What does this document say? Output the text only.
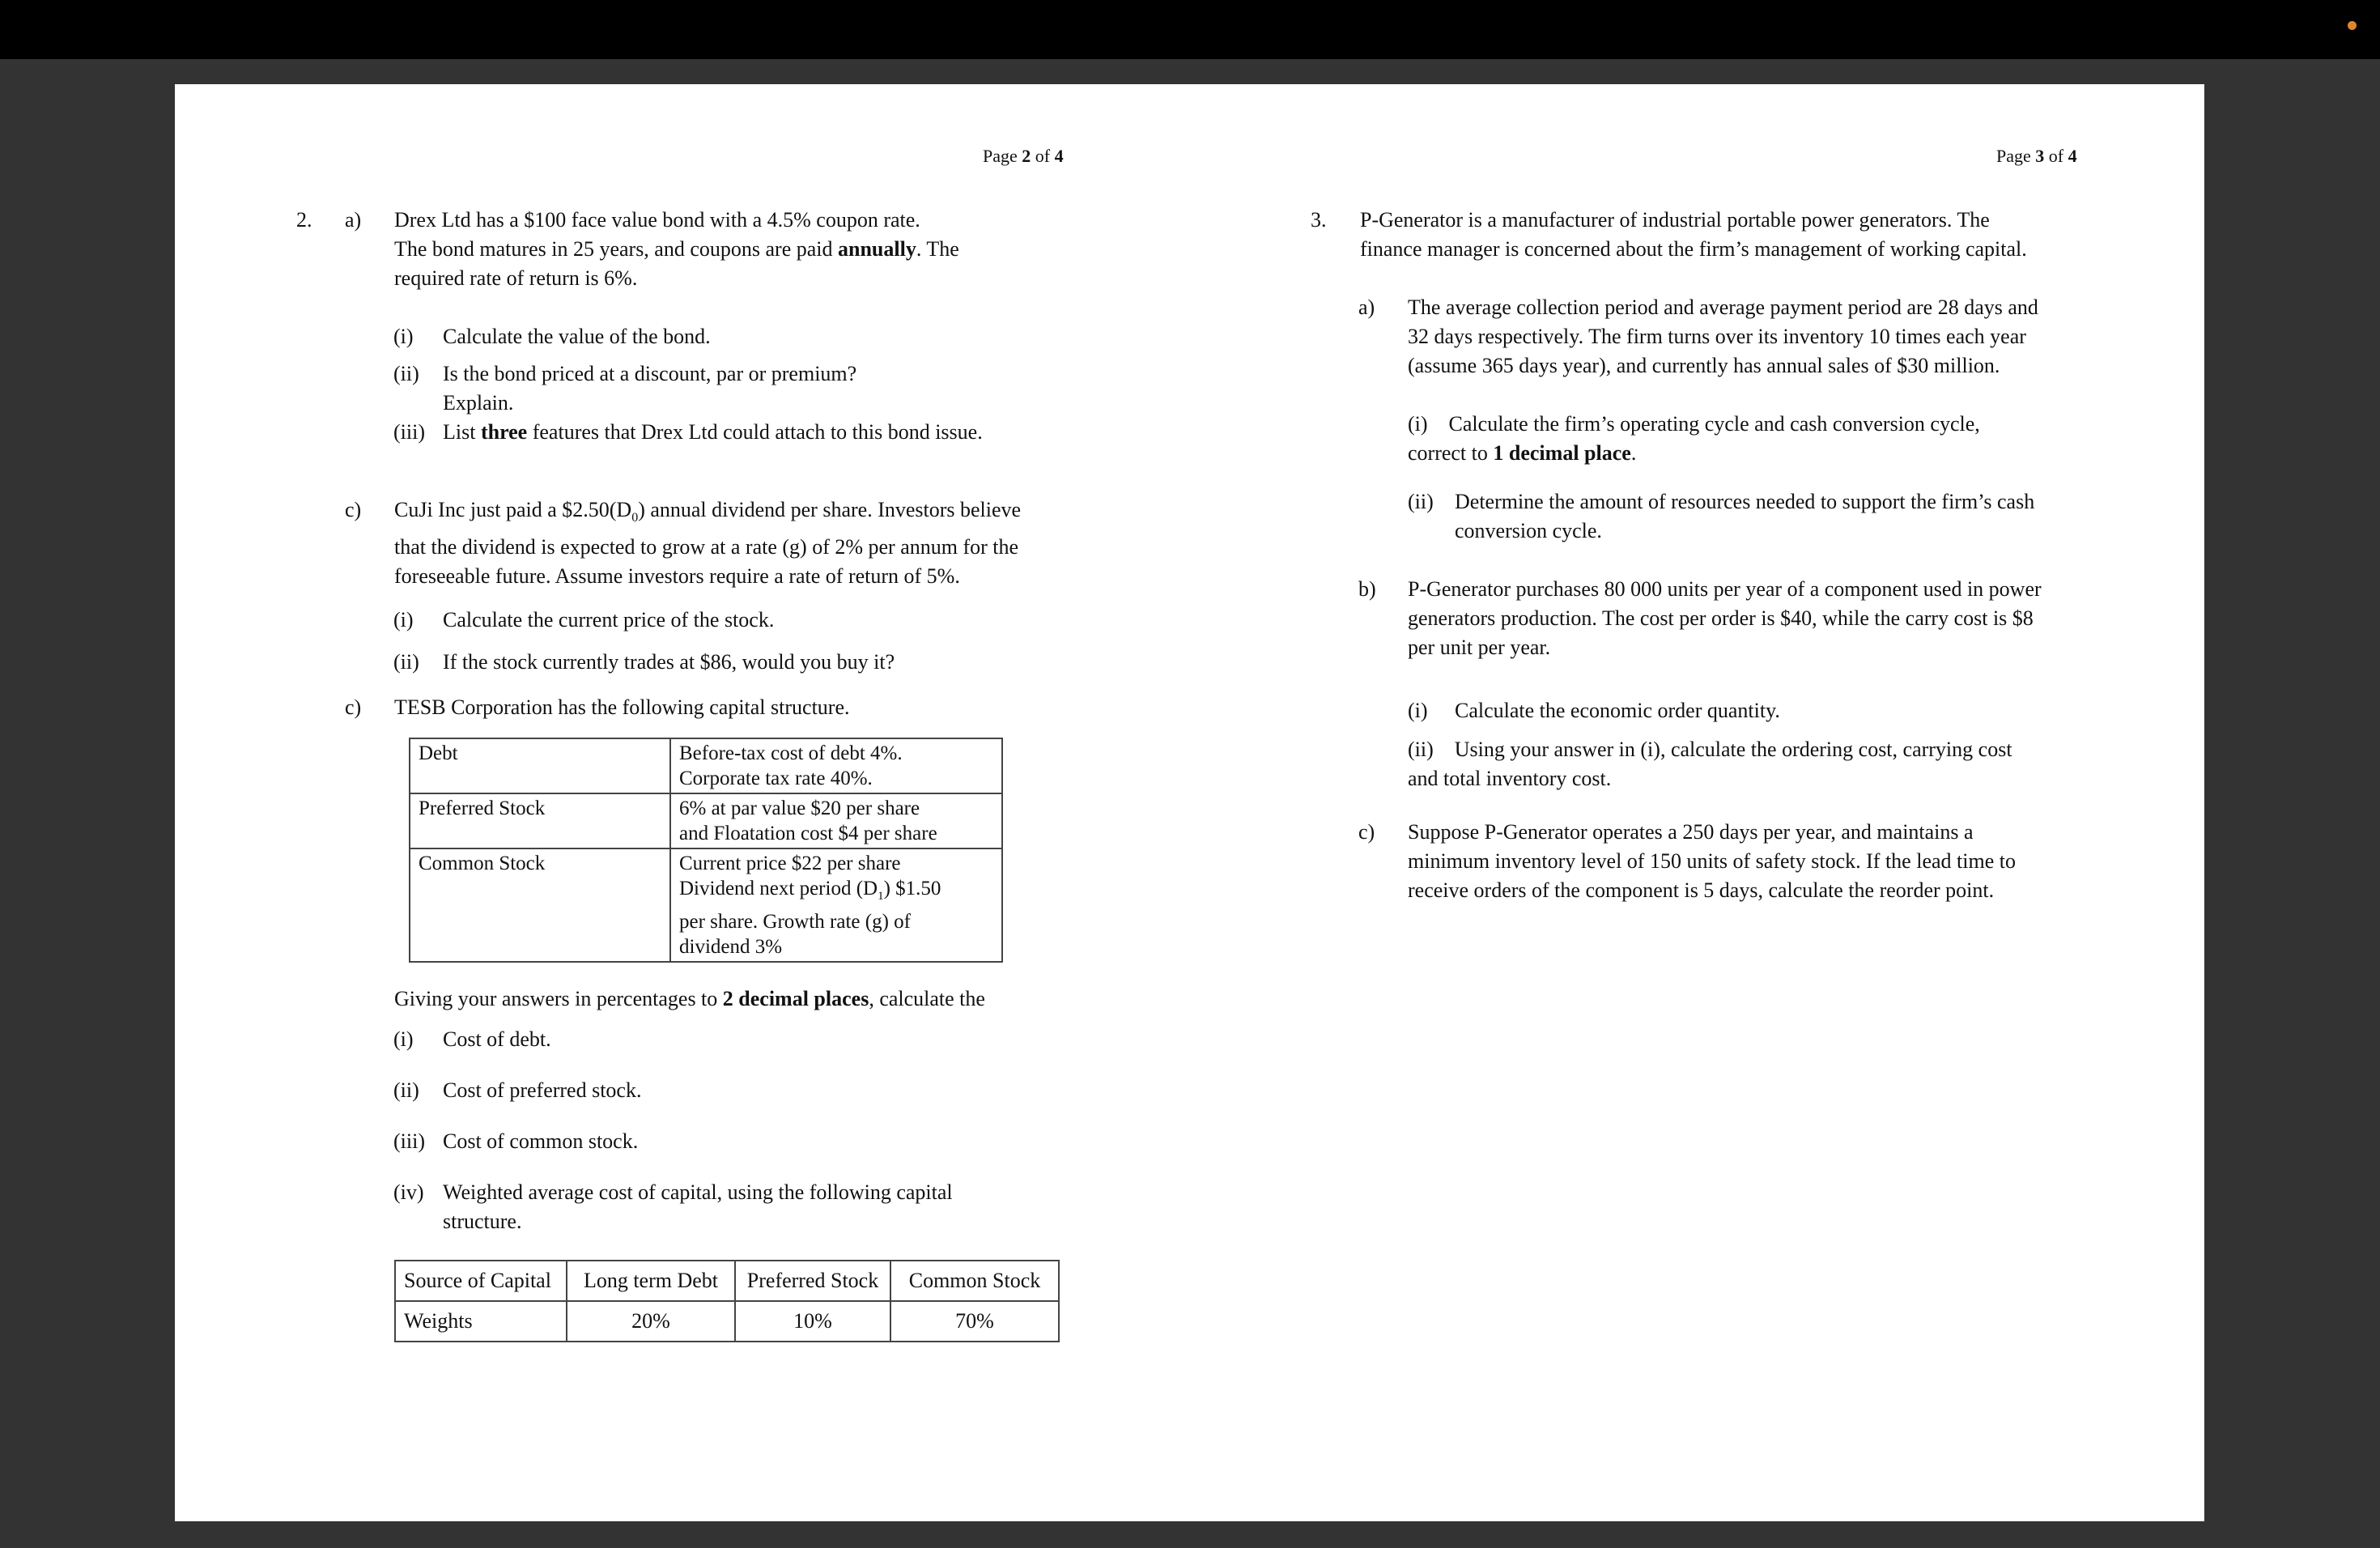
Page 2 of 4
2. a) Drex Ltd has a $100 face value bond with a 4.5% coupon rate.

The bond matures in 25 years, and coupons are paid annually. The

required rate of return is 6%.

(i) Calculate the value of the bond.
(ii) Is the bond priced at a discount, par or premium?

Explain.

(iii) List three features that Drex Ltd could attach to this bond issue.
c) CuJi Inc just paid a $\$2.50(D_0)$ annual dividend per share. Investors believe

that the dividend is expected to grow at a rate (g) of 2% per annum for the

foreseeable future. Assume investors require a rate of return of 5%.

(i) Calculate the current price of the stock.
(ii) If the stock currently trades at $86, would you buy it?
c) TESB Corporation has the following capital structure.
Debt	Before-tax cost of debt 4%.
Corporate tax rate 40%.

Preferred Stock	6% at par value $20 per share
and Floatation cost $4 per share

Common Stock	Current price $22 per share
Dividend next period $(D_1)$ $1.50
per share. Growth rate (g) of
dividend 3%
Giving your answers in percentages to 2 decimal places, calculate the
(i) Cost of debt.
(ii) Cost of preferred stock.
(iii) Cost of common stock.
(iv) Weighted average cost of capital, using the following capital

structure.

Source of Capital	Long term Debt	Preferred Stock	Common Stock
Weights	20%	10%	70%
Page 3 of 4
3. P-Generator is a manufacturer of industrial portable power generators. The

finance manager is concerned about the firm’s management of working capital.

a) The average collection period and average payment period are 28 days and

32 days respectively. The firm turns over its inventory 10 times each year

(assume 365 days year), and currently has annual sales of $30 million.

(i) Calculate the firm’s operating cycle and cash conversion cycle,

correct to 1 decimal place.

(ii) Determine the amount of resources needed to support the firm’s cash

conversion cycle.

b) P-Generator purchases 80 000 units per year of a component used in power

generators production. The cost per order is $40, while the carry cost is $8

per unit per year.

(i) Calculate the economic order quantity.

(ii) Using your answer in (i), calculate the ordering cost, carrying cost

and total inventory cost.

c) Suppose P-Generator operates a 250 days per year, and maintains a

minimum inventory level of 150 units of safety stock. If the lead time to

receive orders of the component is 5 days, calculate the reorder point.
